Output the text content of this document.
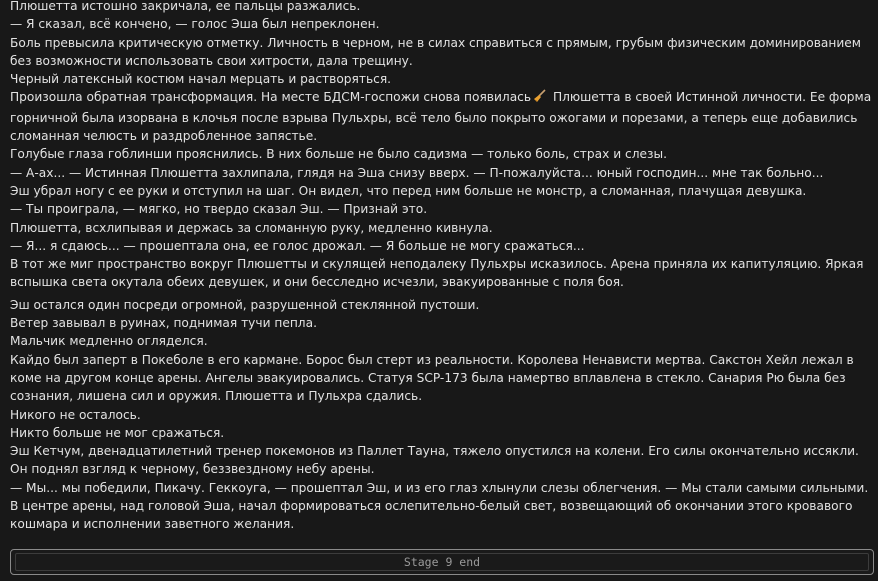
Плюшетта истошно закричала, ее пальцы разжались.

— Я сказал, всё кончено, — голос Эша был непреклонен.

Боль превысила критическую отметку. Личность в черном, не в силах справиться с прямым, грубым физическим доминированием без возможности использовать свои хитрости, дала трещину.

Черный латексный костюм начал мерцать и растворяться.

Произошла обратная трансформация. На месте БДСМ-госпожи снова появилась Плюшетта в своей Истинной личности. Ее форма горничной была изорвана в клочья после взрыва Пульхры, всё тело было покрыто ожогами и порезами, а теперь еще добавились сломанная челюсть и раздробленное запястье.

Голубые глаза гоблинши прояснились. В них больше не было садизма — только боль, страх и слезы.

— А-ах... — Истинная Плюшетта захлипала, глядя на Эша снизу вверх. — П-пожалуйста... юный господин... мне так больно...

Эш убрал ногу с ее руки и отступил на шаг. Он видел, что перед ним больше не монстр, а сломанная, плачущая девушка.

— Ты проиграла, — мягко, но твердо сказал Эш. — Признай это.

Плюшетта, всхлипывая и держась за сломанную руку, медленно кивнула.

— Я... я сдаюсь... — прошептала она, ее голос дрожал. — Я больше не могу сражаться...

В тот же миг пространство вокруг Плюшетты и скулящей неподалеку Пульхры исказилось. Арена приняла их капитуляцию. Яркая вспышка света окутала обеих девушек, и они бесследно исчезли, эвакуированные с поля боя.

Эш остался один посреди огромной, разрушенной стеклянной пустоши.

Ветер завывал в руинах, поднимая тучи пепла.

Мальчик медленно огляделся.

Кайдо был заперт в Покеболе в его кармане. Борос был стерт из реальности. Королева Ненависти мертва. Сакстон Хейл лежал в коме на другом конце арены. Ангелы эвакуировались. Статуя SCP-173 была намертво вплавлена в стекло. Санария Рю была без сознания, лишена сил и оружия. Плюшетта и Пульхра сдались.

Никого не осталось.

Никто больше не мог сражаться.

Эш Кетчум, двенадцатилетний тренер покемонов из Паллет Тауна, тяжело опустился на колени. Его силы окончательно иссякли. Он поднял взгляд к черному, беззвездному небу арены.

— Мы... мы победили, Пикачу. Геккоуга, — прошептал Эш, и из его глаз хлынули слезы облегчения. — Мы стали самыми сильными.

В центре арены, над головой Эша, начал формироваться ослепительно-белый свет, возвещающий об окончании этого кровавого кошмара и исполнении заветного желания.

Stage 9 end
